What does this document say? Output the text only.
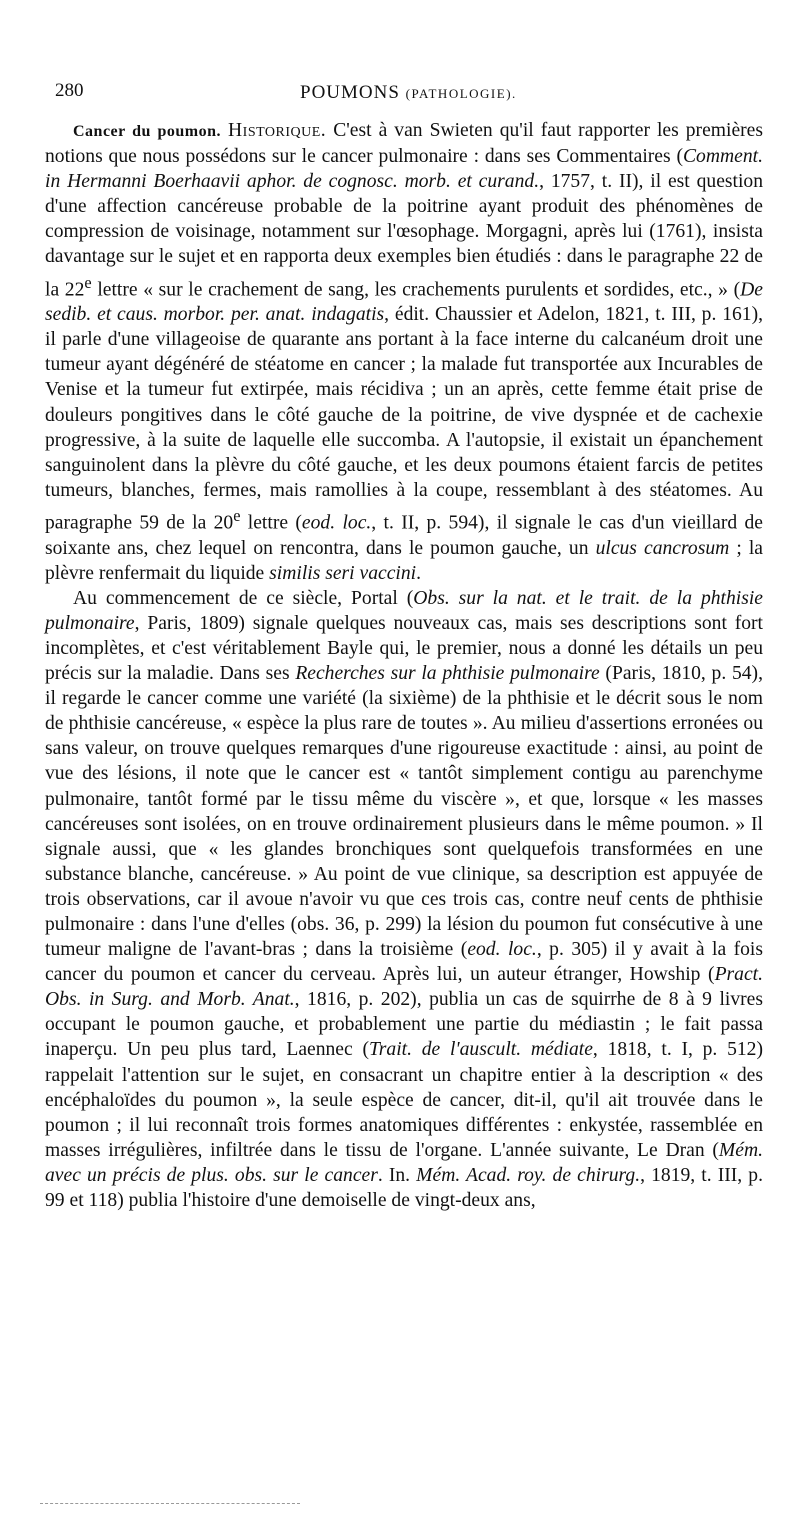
280	POUMONS (PATHOLOGIE).

Cancer du poumon. Historique. C'est à van Swieten qu'il faut rapporter les premières notions que nous possédons sur le cancer pulmonaire : dans ses Commentaires (Comment. in Hermanni Boerhaavii aphor. de cognosc. morb. et curand., 1757, t. II), il est question d'une affection cancéreuse probable de la poitrine ayant produit des phénomènes de compression de voisinage, notamment sur l'œsophage. Morgagni, après lui (1761), insista davantage sur le sujet et en rapporta deux exemples bien étudiés : dans le paragraphe 22 de la 22e lettre « sur le crachement de sang, les crachements purulents et sordides, etc., » (De sedib. et caus. morbor. per. anat. indagatis, édit. Chaussier et Adelon, 1821, t. III, p. 161), il parle d'une villageoise de quarante ans portant à la face interne du calcanéum droit une tumeur ayant dégénéré de stéatome en cancer ; la malade fut transportée aux Incurables de Venise et la tumeur fut extirpée, mais récidiva ; un an après, cette femme était prise de douleurs pongitives dans le côté gauche de la poitrine, de vive dyspnée et de cachexie progressive, à la suite de laquelle elle succomba. A l'autopsie, il existait un épanchement sanguinolent dans la plèvre du côté gauche, et les deux poumons étaient farcis de petites tumeurs, blanches, fermes, mais ramollies à la coupe, ressemblant à des stéatomes. Au paragraphe 59 de la 20e lettre (eod. loc., t. II, p. 594), il signale le cas d'un vieillard de soixante ans, chez lequel on rencontra, dans le poumon gauche, un ulcus cancrosum ; la plèvre renfermait du liquide similis seri vaccini.

Au commencement de ce siècle, Portal (Obs. sur la nat. et le trait. de la phthisie pulmonaire, Paris, 1809) signale quelques nouveaux cas, mais ses descriptions sont fort incomplètes, et c'est véritablement Bayle qui, le premier, nous a donné les détails un peu précis sur la maladie. Dans ses Recherches sur la phthisie pulmonaire (Paris, 1810, p. 54), il regarde le cancer comme une variété (la sixième) de la phthisie et le décrit sous le nom de phthisie cancéreuse, « espèce la plus rare de toutes ». Au milieu d'assertions erronées ou sans valeur, on trouve quelques remarques d'une rigoureuse exactitude : ainsi, au point de vue des lésions, il note que le cancer est « tantôt simplement contigu au parenchyme pulmonaire, tantôt formé par le tissu même du viscère », et que, lorsque « les masses cancéreuses sont isolées, on en trouve ordinairement plusieurs dans le même poumon. » Il signale aussi, que « les glandes bronchiques sont quelquefois transformées en une substance blanche, cancéreuse. » Au point de vue clinique, sa description est appuyée de trois observations, car il avoue n'avoir vu que ces trois cas, contre neuf cents de phthisie pulmonaire : dans l'une d'elles (obs. 36, p. 299) la lésion du poumon fut consécutive à une tumeur maligne de l'avant-bras ; dans la troisième (eod. loc., p. 305) il y avait à la fois cancer du poumon et cancer du cerveau. Après lui, un auteur étranger, Howship (Pract. Obs. in Surg. and Morb. Anat., 1816, p. 202), publia un cas de squirrhe de 8 à 9 livres occupant le poumon gauche, et probablement une partie du médiastin ; le fait passa inaperçu. Un peu plus tard, Laennec (Trait. de l'auscult. médiate, 1818, t. I, p. 512) rappelait l'attention sur le sujet, en consacrant un chapitre entier à la description « des encéphaloïdes du poumon », la seule espèce de cancer, dit-il, qu'il ait trouvée dans le poumon ; il lui reconnaît trois formes anatomiques différentes : enkystée, rassemblée en masses irrégulières, infiltrée dans le tissu de l'organe. L'année suivante, Le Dran (Mém. avec un précis de plus. obs. sur le cancer. In. Mém. Acad. roy. de chirurg., 1819, t. III, p. 99 et 118) publia l'histoire d'une demoiselle de vingt-deux ans,
